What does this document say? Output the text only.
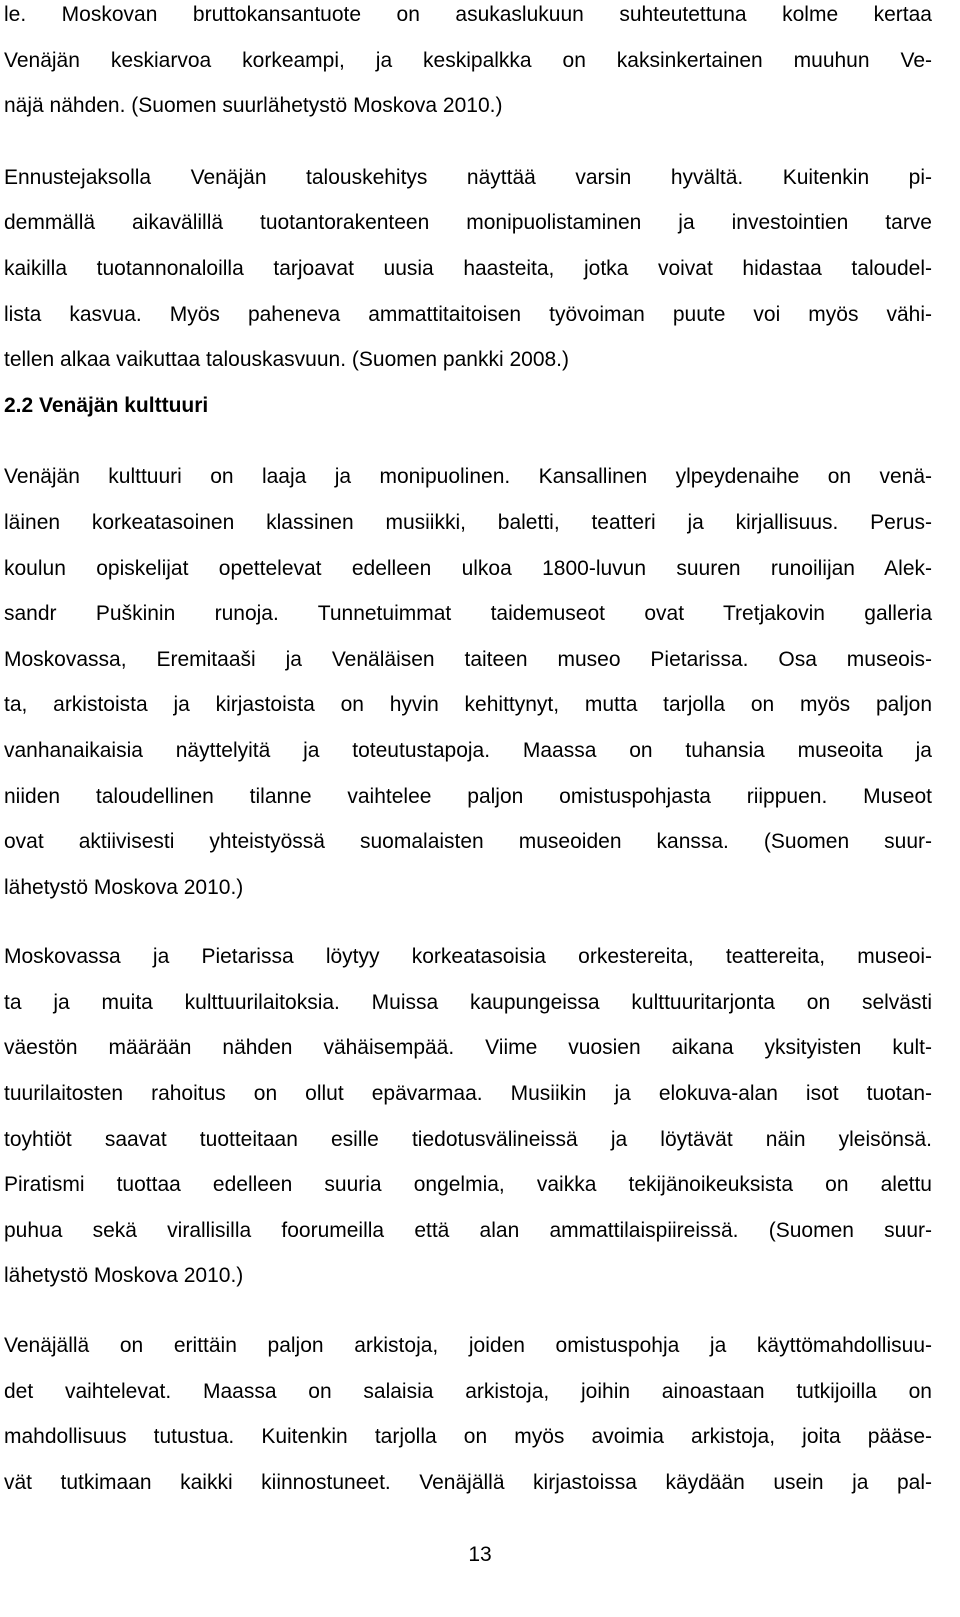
le. Moskovan bruttokansantuote on asukaslukuun suhteutettuna kolme kertaa
Venäjän keskiarvoa korkeampi, ja keskipalkka on kaksinkertainen muuhun Ve-
näjä nähden. (Suomen suurlähetystö Moskova 2010.)
Ennustejaksolla Venäjän talouskehitys näyttää varsin hyvältä. Kuitenkin pi-
demmällä aikavälillä tuotantorakenteen monipuolistaminen ja investointien tarve
kaikilla tuotannonaloilla tarjoavat uusia haasteita, jotka voivat hidastaa taloudel-
lista kasvua. Myös paheneva ammattitaitoisen työvoiman puute voi myös vähi-
tellen alkaa vaikuttaa talouskasvuun. (Suomen pankki 2008.)
2.2 Venäjän kulttuuri
Venäjän kulttuuri on laaja ja monipuolinen. Kansallinen ylpeydenaihe on venä-
läinen korkeatasoinen klassinen musiikki, baletti, teatteri ja kirjallisuus. Perus-
koulun opiskelijat opettelevat edelleen ulkoa 1800-luvun suuren runoilijan Alek-
sandr Puškinin runoja. Tunnetuimmat taidemuseot ovat Tretjakovin galleria
Moskovassa, Eremitaaši ja Venäläisen taiteen museo Pietarissa. Osa museois-
ta, arkistoista ja kirjastoista on hyvin kehittynyt, mutta tarjolla on myös paljon
vanhanaikaisia näyttelyitä ja toteutustapoja. Maassa on tuhansia museoita ja
niiden taloudellinen tilanne vaihtelee paljon omistuspohjasta riippuen. Museot
ovat aktiivisesti yhteistyössä suomalaisten museoiden kanssa. (Suomen suur-
lähetystö Moskova 2010.)
Moskovassa ja Pietarissa löytyy korkeatasoisia orkestereita, teattereita, museoi-
ta ja muita kulttuurilaitoksia. Muissa kaupungeissa kulttuuritarjonta on selvästi
väestön määrään nähden vähäisempää. Viime vuosien aikana yksityisten kult-
tuurilaitosten rahoitus on ollut epävarmaa. Musiikin ja elokuva-alan isot tuotan-
toyhtiöt saavat tuotteitaan esille tiedotusvälineissä ja löytävät näin yleisönsä.
Piratismi tuottaa edelleen suuria ongelmia, vaikka tekijänoikeuksista on alettu
puhua sekä virallisilla foorumeilla että alan ammattilaispiireissä. (Suomen suur-
lähetystö Moskova 2010.)
Venäjällä on erittäin paljon arkistoja, joiden omistuspohja ja käyttömahdollisuu-
det vaihtelevat. Maassa on salaisia arkistoja, joihin ainoastaan tutkijoilla on
mahdollisuus tutustua. Kuitenkin tarjolla on myös avoimia arkistoja, joita pääse-
vät tutkimaan kaikki kiinnostuneet. Venäjällä kirjastoissa käydään usein ja pal-
13
